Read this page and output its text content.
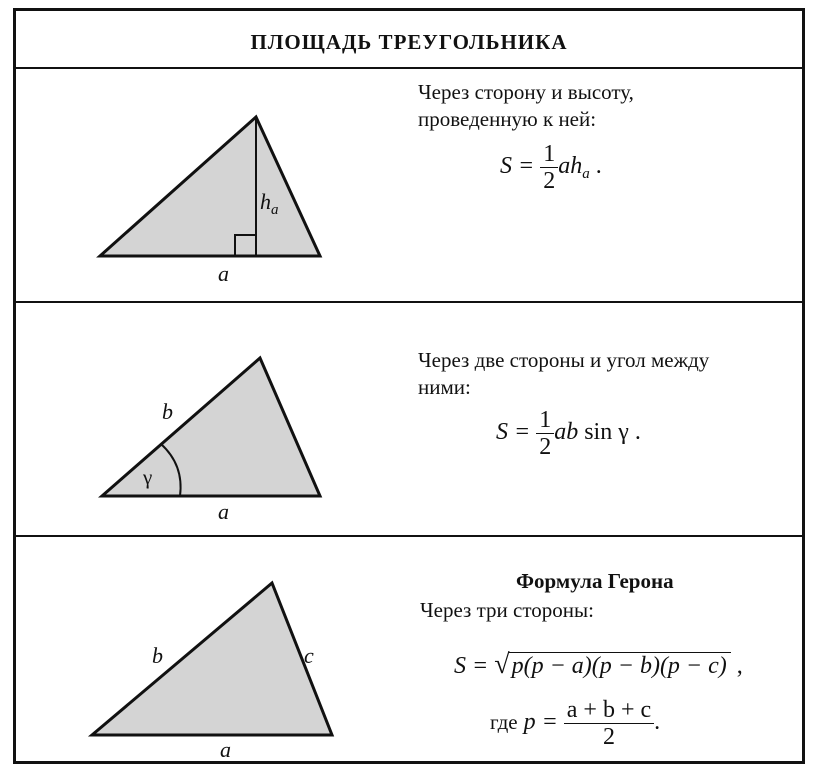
ПЛОЩАДЬ ТРЕУГОЛЬНИКА
$h_a$
a
Через сторону и высоту,
проведенную к ней:
$S = \frac{1}{2} ah_a$ .
b
γ
a
Через две стороны и угол между
ними:
$S = \frac{1}{2}$ ab sin γ .
b	c
a
Формула Герона
Через три стороны:
S = √p(p − a)(p − b)(p − c) ,
где $p = \frac{a + b + c}{2}$ .
